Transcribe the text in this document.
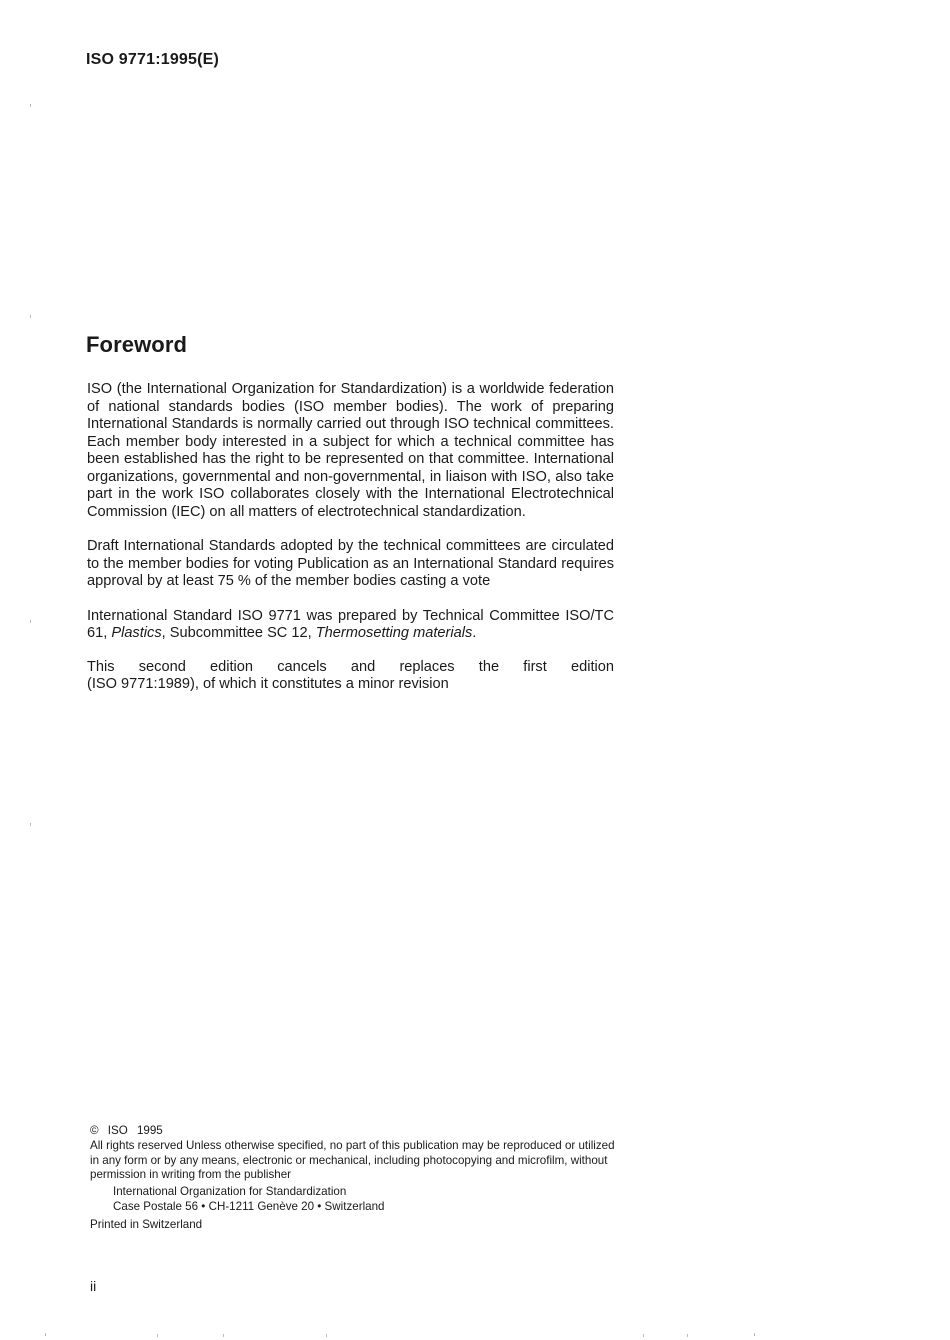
ISO 9771:1995(E)
Foreword

ISO (the International Organization for Standardization) is a worldwide federation of national standards bodies (ISO member bodies). The work of preparing International Standards is normally carried out through ISO technical committees. Each member body interested in a subject for which a technical committee has been established has the right to be represented on that committee. International organizations, governmental and non-governmental, in liaison with ISO, also take part in the work ISO collaborates closely with the International Electrotechnical Commission (IEC) on all matters of electrotechnical standardization.

Draft International Standards adopted by the technical committees are circulated to the member bodies for voting Publication as an International Standard requires approval by at least 75 % of the member bodies casting a vote

International Standard ISO 9771 was prepared by Technical Committee ISO/TC 61, Plastics, Subcommittee SC 12, Thermosetting materials.

This second edition cancels and replaces the first edition
(ISO 9771:1989), of which it constitutes a minor revision

© ISO 1995
All rights reserved Unless otherwise specified, no part of this publication may be reproduced or utilized in any form or by any means, electronic or mechanical, including photocopying and microfilm, without permission in writing from the publisher
International Organization for Standardization
Case Postale 56 • CH-1211 Genève 20 • Switzerland
Printed in Switzerland
ii
